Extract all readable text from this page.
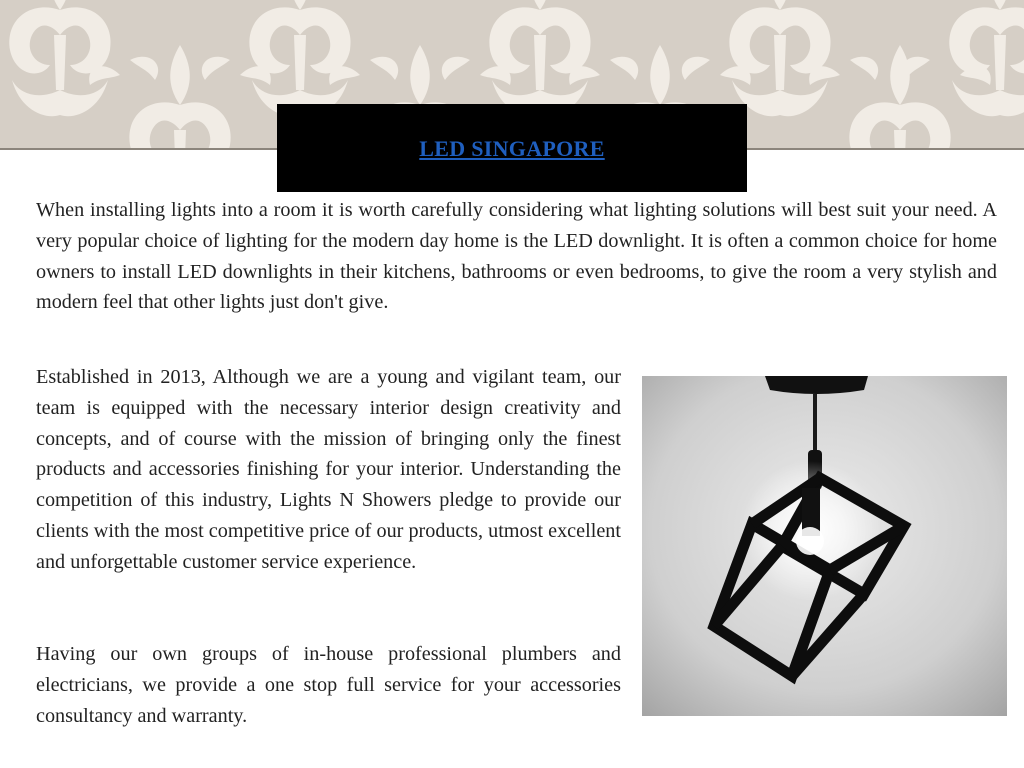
LED SINGAPORE

When installing lights into a room it is worth carefully considering what lighting solutions will best suit your need. A very popular choice of lighting for the modern day home is the LED downlight. It is often a common choice for home owners to install LED downlights in their kitchens, bathrooms or even bedrooms, to give the room a very stylish and modern feel that other lights just don't give.

Established in 2013, Although we are a young and vigilant team, our team is equipped with the necessary interior design creativity and concepts, and of course with the mission of bringing only the finest products and accessories finishing for your interior. Understanding the competition of this industry, Lights N Showers pledge to provide our clients with the most competitive price of our products, utmost excellent and unforgettable customer service experience.

Having our own groups of in-house professional plumbers and electricians, we provide a one stop full service for your accessories consultancy and warranty.
